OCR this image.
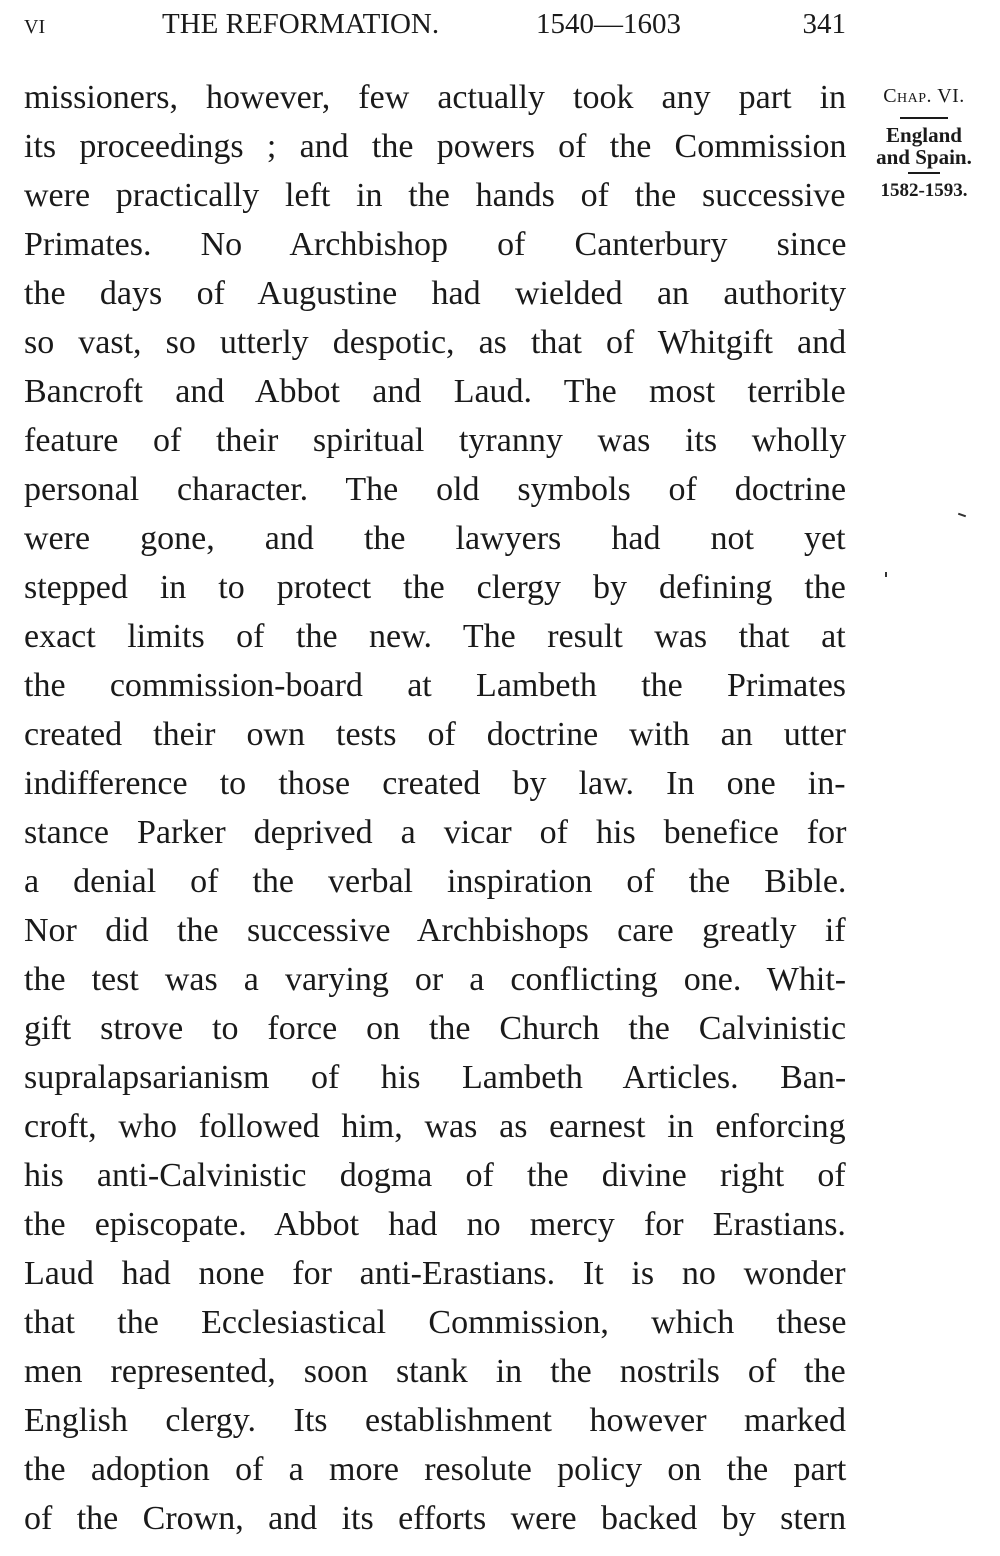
vi	THE REFORMATION.	1540—1603	341
missioners, however, few actually took any part in
its proceedings ; and the powers of the Commission
were practically left in the hands of the successive
Primates. No Archbishop of Canterbury since
the days of Augustine had wielded an authority
so vast, so utterly despotic, as that of Whitgift and
Bancroft and Abbot and Laud. The most terrible
feature of their spiritual tyranny was its wholly
personal character. The old symbols of doctrine
were gone, and the lawyers had not yet
stepped in to protect the clergy by defining the
exact limits of the new. The result was that at
the commission-board at Lambeth the Primates
created their own tests of doctrine with an utter
indifference to those created by law. In one in-
stance Parker deprived a vicar of his benefice for
a denial of the verbal inspiration of the Bible.
Nor did the successive Archbishops care greatly if
the test was a varying or a conflicting one. Whit-
gift strove to force on the Church the Calvinistic
supralapsarianism of his Lambeth Articles. Ban-
croft, who followed him, was as earnest in enforcing
his anti-Calvinistic dogma of the divine right of
the episcopate. Abbot had no mercy for Erastians.
Laud had none for anti-Erastians. It is no wonder
that the Ecclesiastical Commission, which these
men represented, soon stank in the nostrils of the
English clergy. Its establishment however marked
the adoption of a more resolute policy on the part
of the Crown, and its efforts were backed by stern
Chap. VI.
England
and Spain.
1582-1593.
